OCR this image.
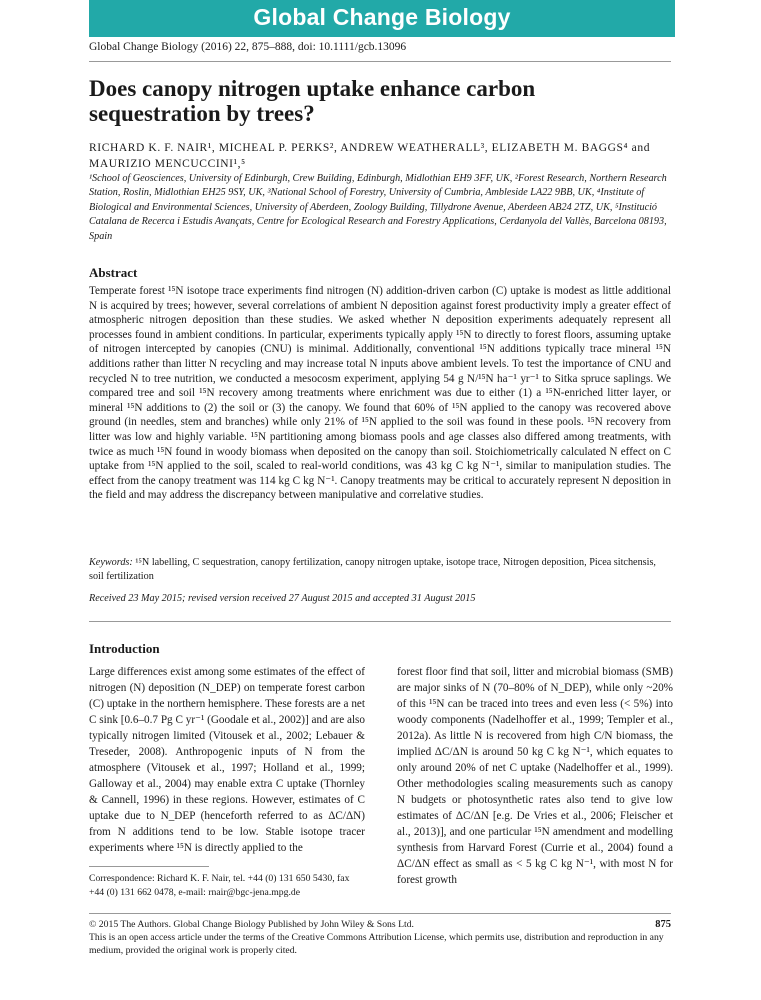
Global Change Biology
Global Change Biology (2016) 22, 875–888, doi: 10.1111/gcb.13096
Does canopy nitrogen uptake enhance carbon sequestration by trees?
RICHARD K. F. NAIR¹, MICHEAL P. PERKS², ANDREW WEATHERALL³, ELIZABETH M. BAGGS⁴ and MAURIZIO MENCUCCINI¹,⁵
¹School of Geosciences, University of Edinburgh, Crew Building, Edinburgh, Midlothian EH9 3FF, UK, ²Forest Research, Northern Research Station, Roslin, Midlothian EH25 9SY, UK, ³National School of Forestry, University of Cumbria, Ambleside LA22 9BB, UK, ⁴Institute of Biological and Environmental Sciences, University of Aberdeen, Zoology Building, Tillydrone Avenue, Aberdeen AB24 2TZ, UK, ⁵Institució Catalana de Recerca i Estudis Avançats, Centre for Ecological Research and Forestry Applications, Cerdanyola del Vallès, Barcelona 08193, Spain
Abstract
Temperate forest ¹⁵N isotope trace experiments find nitrogen (N) addition-driven carbon (C) uptake is modest as little additional N is acquired by trees; however, several correlations of ambient N deposition against forest productivity imply a greater effect of atmospheric nitrogen deposition than these studies. We asked whether N deposition experiments adequately represent all processes found in ambient conditions. In particular, experiments typically apply ¹⁵N to directly to forest floors, assuming uptake of nitrogen intercepted by canopies (CNU) is minimal. Additionally, conventional ¹⁵N additions typically trace mineral ¹⁵N additions rather than litter N recycling and may increase total N inputs above ambient levels. To test the importance of CNU and recycled N to tree nutrition, we conducted a mesocosm experiment, applying 54 g N/¹⁵N ha⁻¹ yr⁻¹ to Sitka spruce saplings. We compared tree and soil ¹⁵N recovery among treatments where enrichment was due to either (1) a ¹⁵N-enriched litter layer, or mineral ¹⁵N additions to (2) the soil or (3) the canopy. We found that 60% of ¹⁵N applied to the canopy was recovered above ground (in needles, stem and branches) while only 21% of ¹⁵N applied to the soil was found in these pools. ¹⁵N recovery from litter was low and highly variable. ¹⁵N partitioning among biomass pools and age classes also differed among treatments, with twice as much ¹⁵N found in woody biomass when deposited on the canopy than soil. Stoichiometrically calculated N effect on C uptake from ¹⁵N applied to the soil, scaled to real-world conditions, was 43 kg C kg N⁻¹, similar to manipulation studies. The effect from the canopy treatment was 114 kg C kg N⁻¹. Canopy treatments may be critical to accurately represent N deposition in the field and may address the discrepancy between manipulative and correlative studies.
Keywords: ¹⁵N labelling, C sequestration, canopy fertilization, canopy nitrogen uptake, isotope trace, Nitrogen deposition, Picea sitchensis, soil fertilization
Received 23 May 2015; revised version received 27 August 2015 and accepted 31 August 2015
Introduction
Large differences exist among some estimates of the effect of nitrogen (N) deposition (N_DEP) on temperate forest carbon (C) uptake in the northern hemisphere. These forests are a net C sink [0.6–0.7 Pg C yr⁻¹ (Goodale et al., 2002)] and are also typically nitrogen limited (Vitousek et al., 2002; Lebauer & Treseder, 2008). Anthropogenic inputs of N from the atmosphere (Vitousek et al., 1997; Holland et al., 1999; Galloway et al., 2004) may enable extra C uptake (Thornley & Cannell, 1996) in these regions. However, estimates of C uptake due to N_DEP (henceforth referred to as ΔC/ΔN) from N additions tend to be low. Stable isotope tracer experiments where ¹⁵N is directly applied to the
forest floor find that soil, litter and microbial biomass (SMB) are major sinks of N (70–80% of N_DEP), while only ~20% of this ¹⁵N can be traced into trees and even less (< 5%) into woody components (Nadelhoffer et al., 1999; Templer et al., 2012a). As little N is recovered from high C/N biomass, the implied ΔC/ΔN is around 50 kg C kg N⁻¹, which equates to only around 20% of net C uptake (Nadelhoffer et al., 1999). Other methodologies scaling measurements such as canopy N budgets or photosynthetic rates also tend to give low estimates of ΔC/ΔN [e.g. De Vries et al., 2006; Fleischer et al., 2013)], and one particular ¹⁵N amendment and modelling synthesis from Harvard Forest (Currie et al., 2004) found a ΔC/ΔN effect as small as < 5 kg C kg N⁻¹, with most N for forest growth
Correspondence: Richard K. F. Nair, tel. +44 (0) 131 650 5430, fax +44 (0) 131 662 0478, e-mail: rnair@bgc-jena.mpg.de
875
© 2015 The Authors. Global Change Biology Published by John Wiley & Sons Ltd.
This is an open access article under the terms of the Creative Commons Attribution License, which permits use, distribution and reproduction in any medium, provided the original work is properly cited.
